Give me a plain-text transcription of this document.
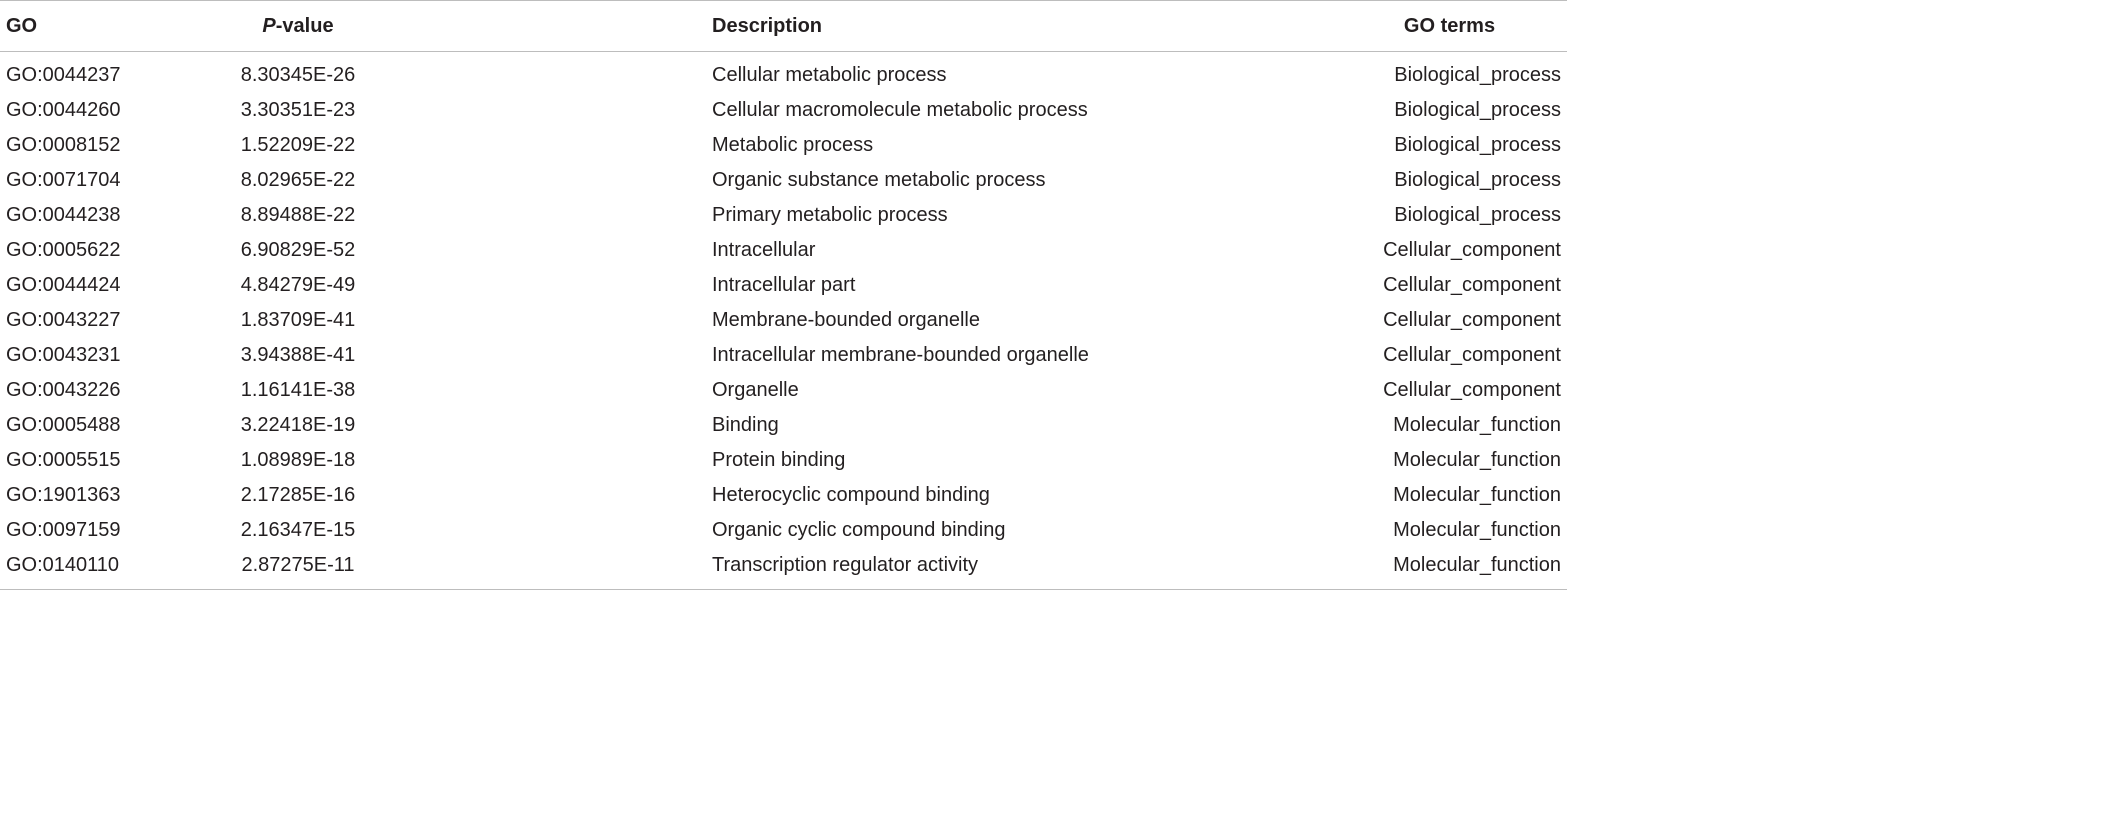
GO	P-value	Description	GO terms
GO:0044237	8.30345E-26	Cellular metabolic process	Biological_process
GO:0044260	3.30351E-23	Cellular macromolecule metabolic process	Biological_process
GO:0008152	1.52209E-22	Metabolic process	Biological_process
GO:0071704	8.02965E-22	Organic substance metabolic process	Biological_process
GO:0044238	8.89488E-22	Primary metabolic process	Biological_process
GO:0005622	6.90829E-52	Intracellular	Cellular_component
GO:0044424	4.84279E-49	Intracellular part	Cellular_component
GO:0043227	1.83709E-41	Membrane-bounded organelle	Cellular_component
GO:0043231	3.94388E-41	Intracellular membrane-bounded organelle	Cellular_component
GO:0043226	1.16141E-38	Organelle	Cellular_component
GO:0005488	3.22418E-19	Binding	Molecular_function
GO:0005515	1.08989E-18	Protein binding	Molecular_function
GO:1901363	2.17285E-16	Heterocyclic compound binding	Molecular_function
GO:0097159	2.16347E-15	Organic cyclic compound binding	Molecular_function
GO:0140110	2.87275E-11	Transcription regulator activity	Molecular_function
